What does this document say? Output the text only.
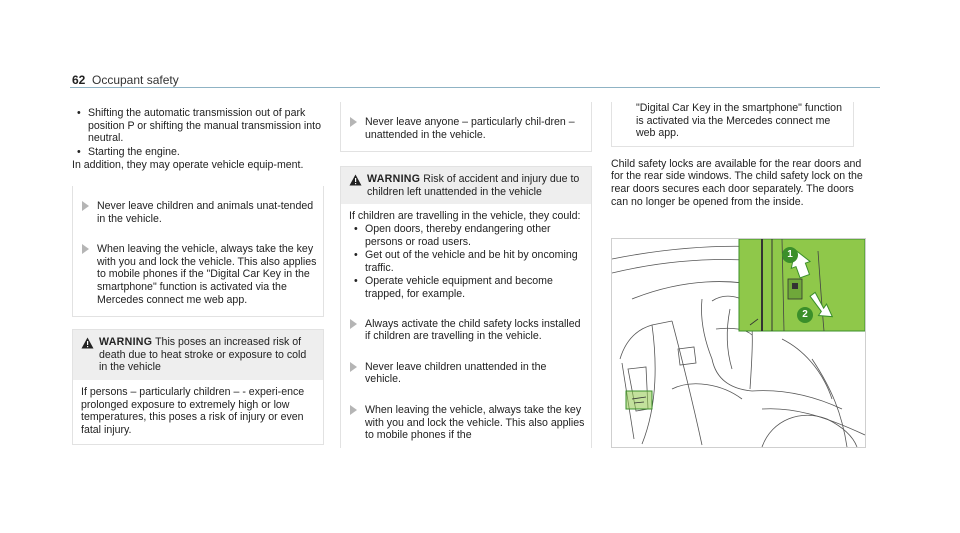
62 Occupant safety
• Shifting the automatic transmission out of park position P or shifting the manual transmission into neutral.
• Starting the engine.

In addition, they may operate vehicle equip-ment.

Never leave children and animals unat-tended in the vehicle.
When leaving the vehicle, always take the key with you and lock the vehicle. This also applies to mobile phones if the "Digital Car Key in the smartphone" function is activated via the Mercedes connect me web app.
WARNING This poses an increased risk of death due to heat stroke or exposure to cold in the vehicle
If persons – particularly children – - experi-ence prolonged exposure to extremely high or low temperatures, this poses a risk of injury or even fatal injury.
Never leave anyone – particularly chil-dren – unattended in the vehicle.
WARNING Risk of accident and injury due to children left unattended in the vehicle

If children are travelling in the vehicle, they could:

• Open doors, thereby endangering other persons or road users.
• Get out of the vehicle and be hit by oncoming traffic.
• Operate vehicle equipment and become trapped, for example.
Always activate the child safety locks installed if children are travelling in the vehicle.
Never leave children unattended in the vehicle.
When leaving the vehicle, always take the key with you and lock the vehicle. This also applies to mobile phones if the
"Digital Car Key in the smartphone" function is activated via the Mercedes connect me web app.

Child safety locks are available for the rear doors and for the rear side windows. The child safety lock on the rear doors secures each door separately. The doors can no longer be opened from the inside.

1
2
